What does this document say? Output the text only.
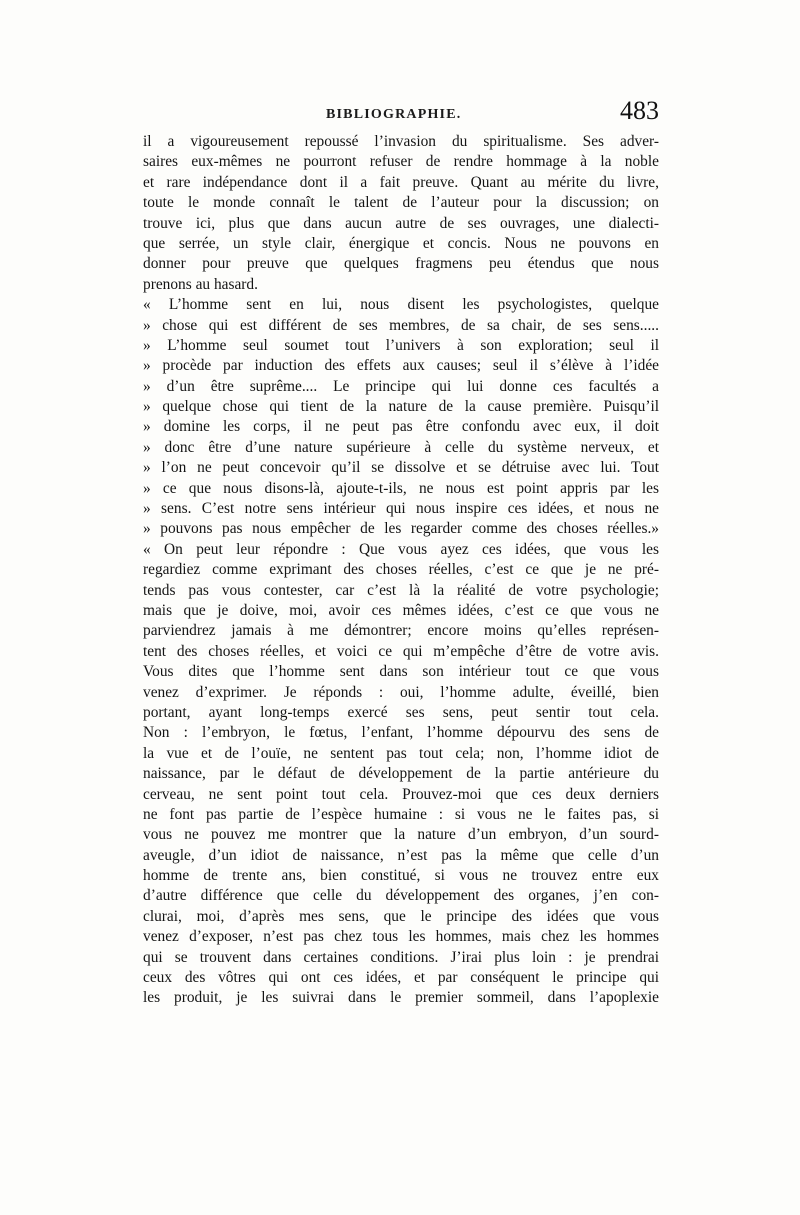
BIBLIOGRAPHIE.	483
il a vigoureusement repoussé l’invasion du spiritualisme. Ses adver-
saires eux-mêmes ne pourront refuser de rendre hommage à la noble
et rare indépendance dont il a fait preuve. Quant au mérite du livre,
toute le monde connaît le talent de l’auteur pour la discussion; on
trouve ici, plus que dans aucun autre de ses ouvrages, une dialecti-
que serrée, un style clair, énergique et concis. Nous ne pouvons en
donner pour preuve que quelques fragmens peu étendus que nous
prenons au hasard.
« L’homme sent en lui, nous disent les psychologistes, quelque
» chose qui est différent de ses membres, de sa chair, de ses sens.....
» L’homme seul soumet tout l’univers à son exploration; seul il
» procède par induction des effets aux causes; seul il s’élève à l’idée
» d’un être suprême.... Le principe qui lui donne ces facultés a
» quelque chose qui tient de la nature de la cause première. Puisqu’il
» domine les corps, il ne peut pas être confondu avec eux, il doit
» donc être d’une nature supérieure à celle du système nerveux, et
» l’on ne peut concevoir qu’il se dissolve et se détruise avec lui. Tout
» ce que nous disons-là, ajoute-t-ils, ne nous est point appris par les
» sens. C’est notre sens intérieur qui nous inspire ces idées, et nous ne
» pouvons pas nous empêcher de les regarder comme des choses réelles.»
« On peut leur répondre : Que vous ayez ces idées, que vous les
regardiez comme exprimant des choses réelles, c’est ce que je ne pré-
tends pas vous contester, car c’est là la réalité de votre psychologie;
mais que je doive, moi, avoir ces mêmes idées, c’est ce que vous ne
parviendrez jamais à me démontrer; encore moins qu’elles représen-
tent des choses réelles, et voici ce qui m’empêche d’être de votre avis.
Vous dites que l’homme sent dans son intérieur tout ce que vous
venez d’exprimer. Je réponds : oui, l’homme adulte, éveillé, bien
portant, ayant long-temps exercé ses sens, peut sentir tout cela.
Non : l’embryon, le fœtus, l’enfant, l’homme dépourvu des sens de
la vue et de l’ouïe, ne sentent pas tout cela; non, l’homme idiot de
naissance, par le défaut de développement de la partie antérieure du
cerveau, ne sent point tout cela. Prouvez-moi que ces deux derniers
ne font pas partie de l’espèce humaine : si vous ne le faites pas, si
vous ne pouvez me montrer que la nature d’un embryon, d’un sourd-
aveugle, d’un idiot de naissance, n’est pas la même que celle d’un
homme de trente ans, bien constitué, si vous ne trouvez entre eux
d’autre différence que celle du développement des organes, j’en con-
clurai, moi, d’après mes sens, que le principe des idées que vous
venez d’exposer, n’est pas chez tous les hommes, mais chez les hommes
qui se trouvent dans certaines conditions. J’irai plus loin : je prendrai
ceux des vôtres qui ont ces idées, et par conséquent le principe qui
les produit, je les suivrai dans le premier sommeil, dans l’apoplexie
